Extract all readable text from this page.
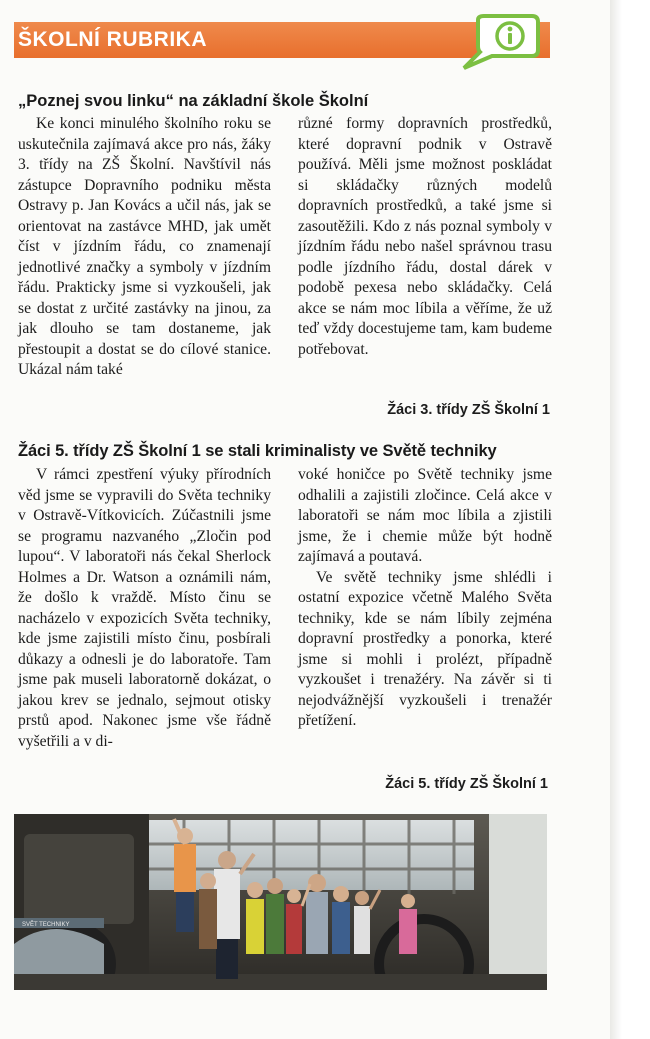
ŠKOLNÍ RUBRIKA
„Poznej svou linku“ na základní škole Školní

Ke konci minulého školního roku se uskutečnila zajímavá akce pro nás, žáky 3. třídy na ZŠ Školní. Navštívil nás zástupce Dopravního podniku města Ostravy p. Jan Kovács a učil nás, jak se orientovat na zastávce MHD, jak umět číst v jízdním řádu, co znamenají jednotlivé značky a symboly v jízdním řádu. Prakticky jsme si vyzkoušeli, jak se dostat z určité zastávky na jinou, za jak dlouho se tam dostaneme, jak přestoupit a dostat se do cílové stanice. Ukázal nám také

různé formy dopravních prostředků, které dopravní podnik v Ostravě používá. Měli jsme možnost poskládat si skládačky různých modelů dopravních prostředků, a také jsme si zasoutěžili. Kdo z nás poznal symboly v jízdním řádu nebo našel správnou trasu podle jízdního řádu, dostal dárek v podobě pexesa nebo skládačky. Celá akce se nám moc líbila a věříme, že už teď vždy docestujeme tam, kam budeme potřebovat.

Žáci 3. třídy ZŠ Školní 1
Žáci 5. třídy ZŠ Školní 1 se stali kriminalisty ve Světě techniky

V rámci zpestření výuky přírodních věd jsme se vypravili do Světa techniky v Ostravě-Vítkovicích. Zúčastnili jsme se programu nazvaného „Zločin pod lupou“. V laboratoři nás čekal Sherlock Holmes a Dr. Watson a oznámili nám, že došlo k vraždě. Místo činu se nacházelo v expozicích Světa techniky, kde jsme zajistili místo činu, posbírali důkazy a odnesli je do laboratoře. Tam jsme pak museli laboratorně dokázat, o jakou krev se jednalo, sejmout otisky prstů apod. Nakonec jsme vše řádně vyšetřili a v di-

voké honičce po Světě techniky jsme odhalili a zajistili zločince. Celá akce v laboratoři se nám moc líbila a zjistili jsme, že i chemie může být hodně zajímavá a poutavá.

Ve světě techniky jsme shlédli i ostatní expozice včetně Malého Světa techniky, kde se nám líbily zejména dopravní prostředky a ponorka, které jsme si mohli i prolézt, případně vyzkoušet i trenažéry. Na závěr si ti nejodvážnější vyzkoušeli i trenažér přetížení.

Žáci 5. třídy ZŠ Školní 1
SVĚT TECHNIKY
